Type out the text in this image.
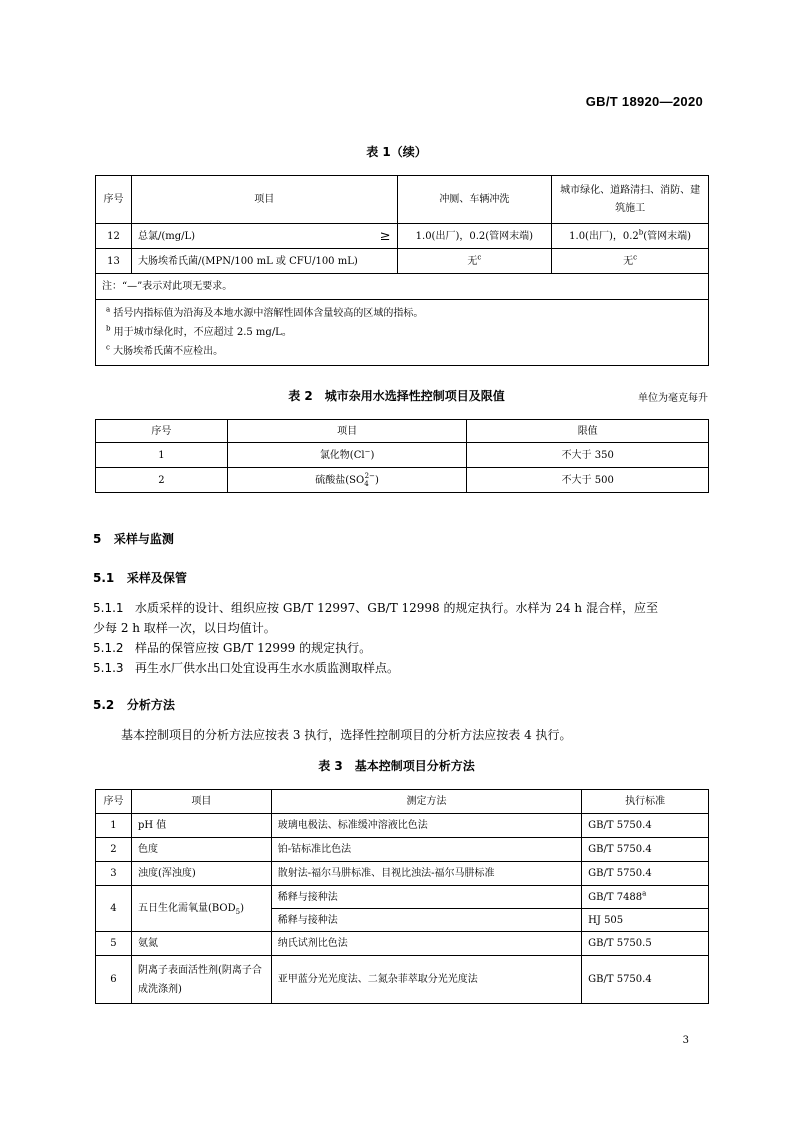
GB/T 18920—2020
表 1（续）
序号	项目	冲厕、车辆冲洗	城市绿化、道路清扫、消防、建筑施工
12	总氯/(mg/L) ≥	1.0(出厂)，0.2(管网末端)	1.0(出厂)，0.2$^b$(管网末端)
13	大肠埃希氏菌/(MPN/100 mL 或 CFU/100 mL)	无$^c$	无$^c$
注：“—”表示对此项无要求。			

$^a$ 括号内指标值为沿海及本地水源中溶解性固体含量较高的区域的指标。
$^b$ 用于城市绿化时，不应超过 2.5 mg/L。
$^c$ 大肠埃希氏菌不应检出。			
表 2　城市杂用水选择性控制项目及限值	单位为毫克每升
序号	项目	限值
1	氯化物(Cl−)	不大于 350
2	硫酸盐$(SO_4^{2-})$	不大于 500
5 采样与监测
5.1 采样及保管
5.1.1 水质采样的设计、组织应按 GB/T 12997、GB/T 12998 的规定执行。水样为 24 h 混合样，应至
少每 2 h 取样一次，以日均值计。
5.1.2 样品的保管应按 GB/T 12999 的规定执行。
5.1.3 再生水厂供水出口处宜设再生水水质监测取样点。
5.2 分析方法
基本控制项目的分析方法应按表 3 执行，选择性控制项目的分析方法应按表 4 执行。
表 3　基本控制项目分析方法
序号	项目	测定方法	执行标准
1	pH 值	玻璃电极法、标准缓冲溶液比色法	GB/T 5750.4
2	色度	铂-钴标准比色法	GB/T 5750.4
3	浊度(浑浊度)	散射法-福尔马肼标准、目视比浊法-福尔马肼标准	GB/T 5750.4
4	五日生化需氧量$(BOD_5)$	稀释与接种法	GB/T 7488$^a$
		稀释与接种法	HJ 505
5	氨氮	纳氏试剂比色法	GB/T 5750.5
6	阴离子表面活性剂(阴离子合成洗涤剂)	亚甲蓝分光光度法、二氮杂菲萃取分光光度法	GB/T 5750.4
3
